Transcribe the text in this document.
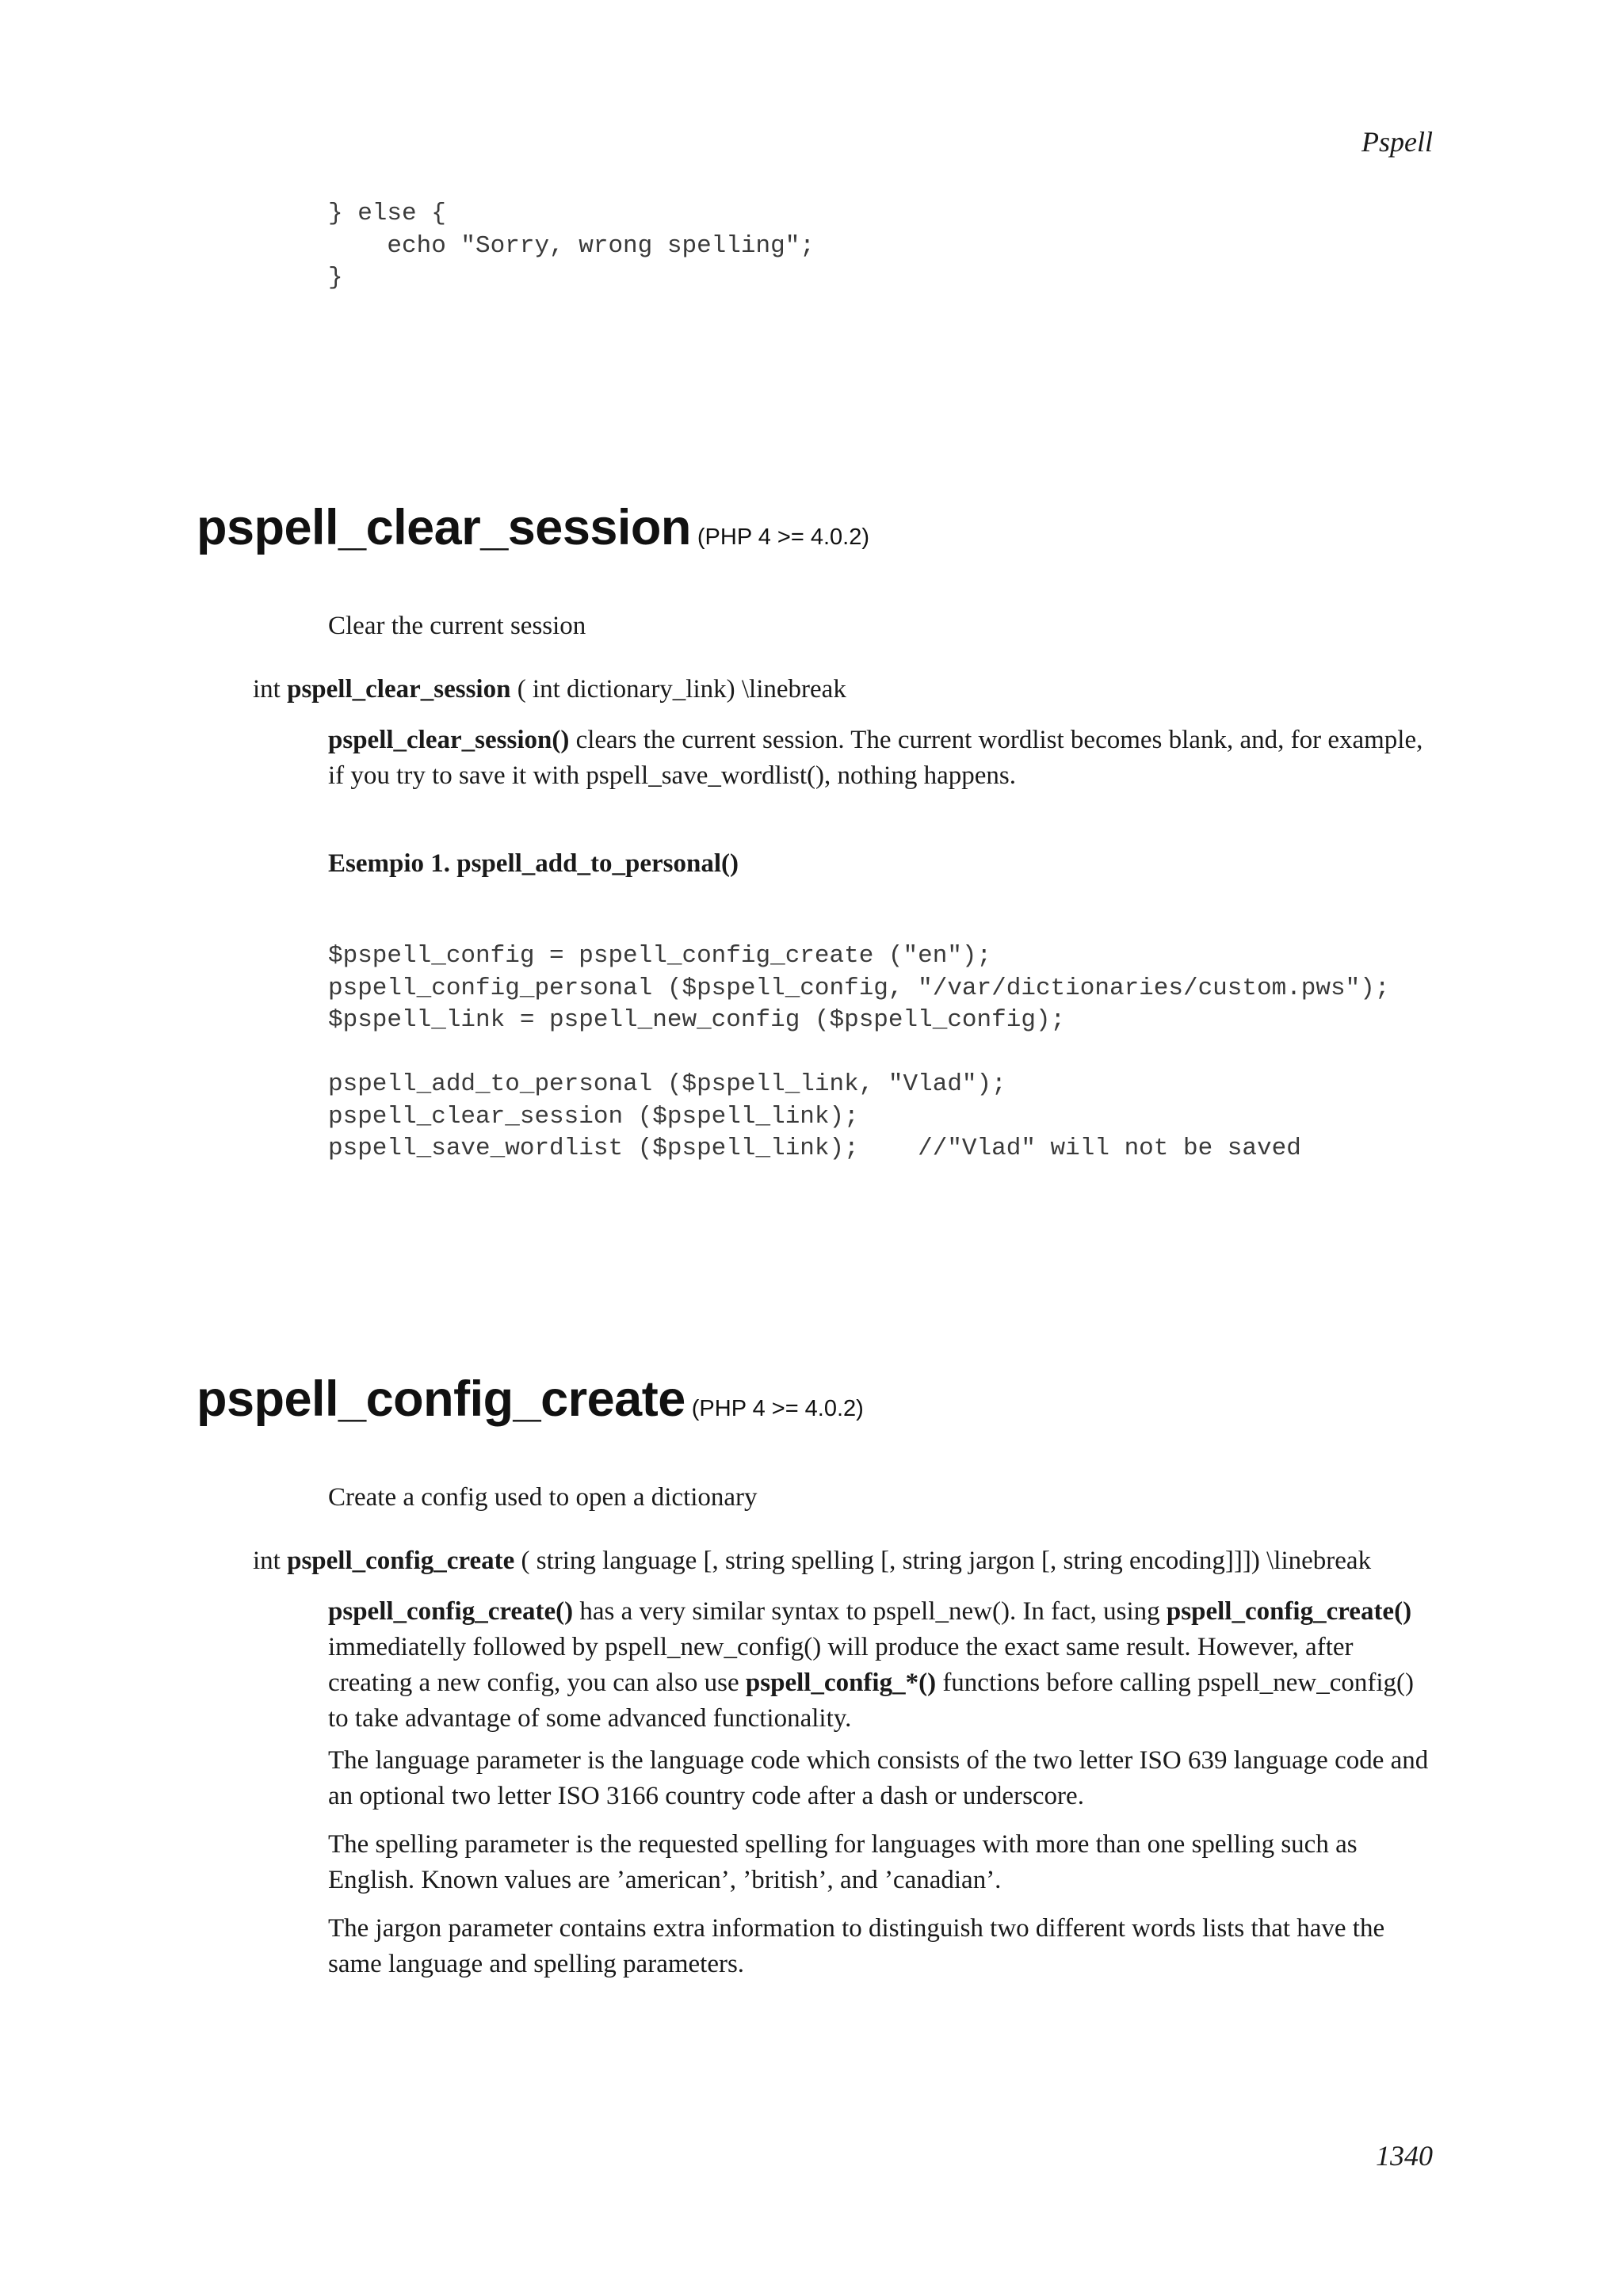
Pspell
} else {
echo "Sorry, wrong spelling";
}
pspell_clear_session (PHP 4 >= 4.0.2)
Clear the current session
int pspell_clear_session ( int dictionary_link) \linebreak

pspell_clear_session() clears the current session. The current wordlist becomes blank, and, for example, if you try to save it with pspell_save_wordlist(), nothing happens.

Esempio 1. pspell_add_to_personal()
$pspell_config = pspell_config_create ("en");
pspell_config_personal ($pspell_config, "/var/dictionaries/custom.pws");
$pspell_link = pspell_new_config ($pspell_config);

pspell_add_to_personal ($pspell_link, "Vlad");
pspell_clear_session ($pspell_link);
pspell_save_wordlist ($pspell_link);    //"Vlad" will not be saved
pspell_config_create (PHP 4 >= 4.0.2)
Create a config used to open a dictionary
int pspell_config_create ( string language [, string spelling [, string jargon [, string encoding]]]) \linebreak

pspell_config_create() has a very similar syntax to pspell_new(). In fact, using pspell_config_create() immediatelly followed by pspell_new_config() will produce the exact same result. However, after creating a new config, you can also use pspell_config_*() functions before calling pspell_new_config() to take advantage of some advanced functionality.

The language parameter is the language code which consists of the two letter ISO 639 language code and an optional two letter ISO 3166 country code after a dash or underscore.

The spelling parameter is the requested spelling for languages with more than one spelling such as English. Known values are ’american’, ’british’, and ’canadian’.

The jargon parameter contains extra information to distinguish two different words lists that have the same language and spelling parameters.

1340
